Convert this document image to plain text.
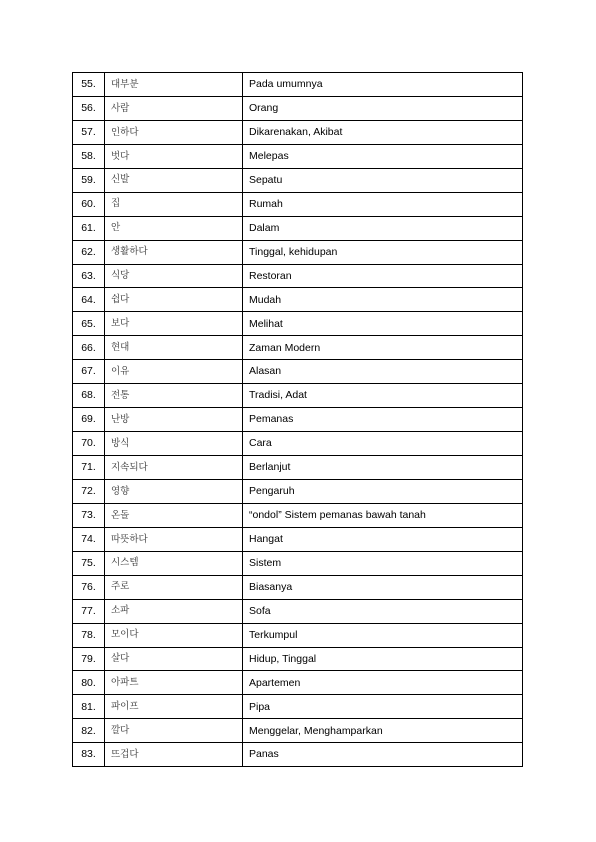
55.	대부분	Pada umumnya
56.	사람	Orang
57.	인하다	Dikarenakan, Akibat
58.	벗다	Melepas
59.	신발	Sepatu
60.	집	Rumah
61.	안	Dalam
62.	생활하다	Tinggal, kehidupan
63.	식당	Restoran
64.	쉽다	Mudah
65.	보다	Melihat
66.	현대	Zaman Modern
67.	이유	Alasan
68.	전통	Tradisi, Adat
69.	난방	Pemanas
70.	방식	Cara
71.	지속되다	Berlanjut
72.	영향	Pengaruh
73.	온돌	“ondol” Sistem pemanas bawah tanah
74.	따뜻하다	Hangat
75.	시스템	Sistem
76.	주로	Biasanya
77.	소파	Sofa
78.	모이다	Terkumpul
79.	살다	Hidup, Tinggal
80.	아파트	Apartemen
81.	파이프	Pipa
82.	깔다	Menggelar, Menghamparkan
83.	뜨겁다	Panas
